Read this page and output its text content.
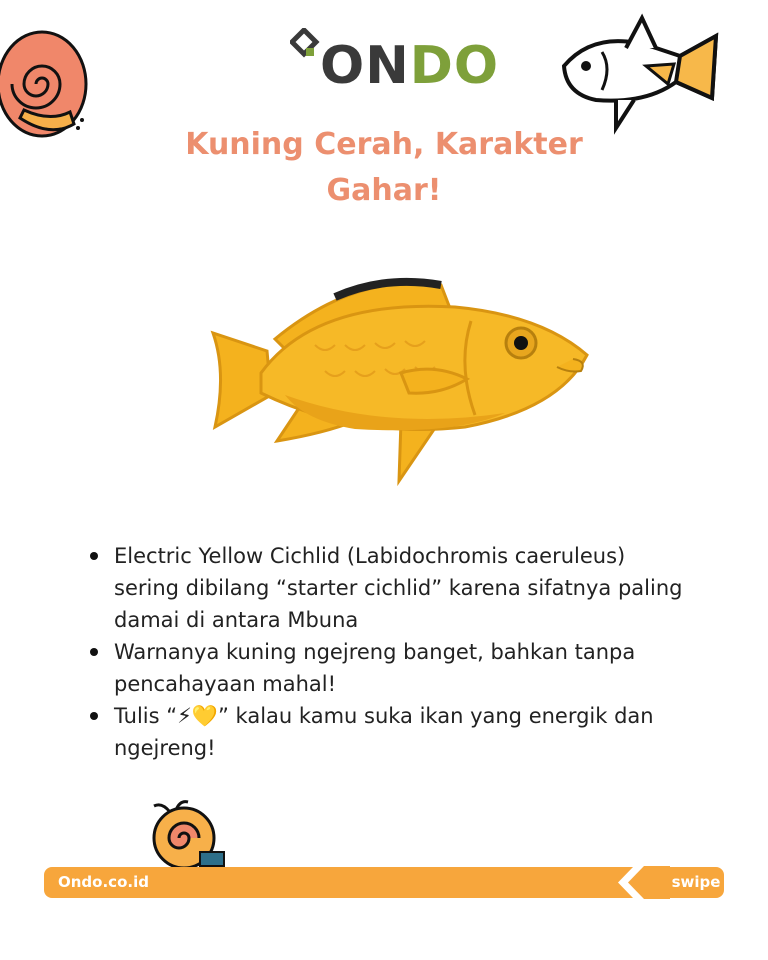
ONDO
Kuning Cerah, Karakter
Gahar!
Electric Yellow Cichlid (Labidochromis caeruleus) sering dibilang “starter cichlid” karena sifatnya paling damai di antara Mbuna
Warnanya kuning ngejreng banget, bahkan tanpa pencahayaan mahal!
Tulis “⚡💛” kalau kamu suka ikan yang energik dan ngejreng!
Ondo.co.id	swipe
